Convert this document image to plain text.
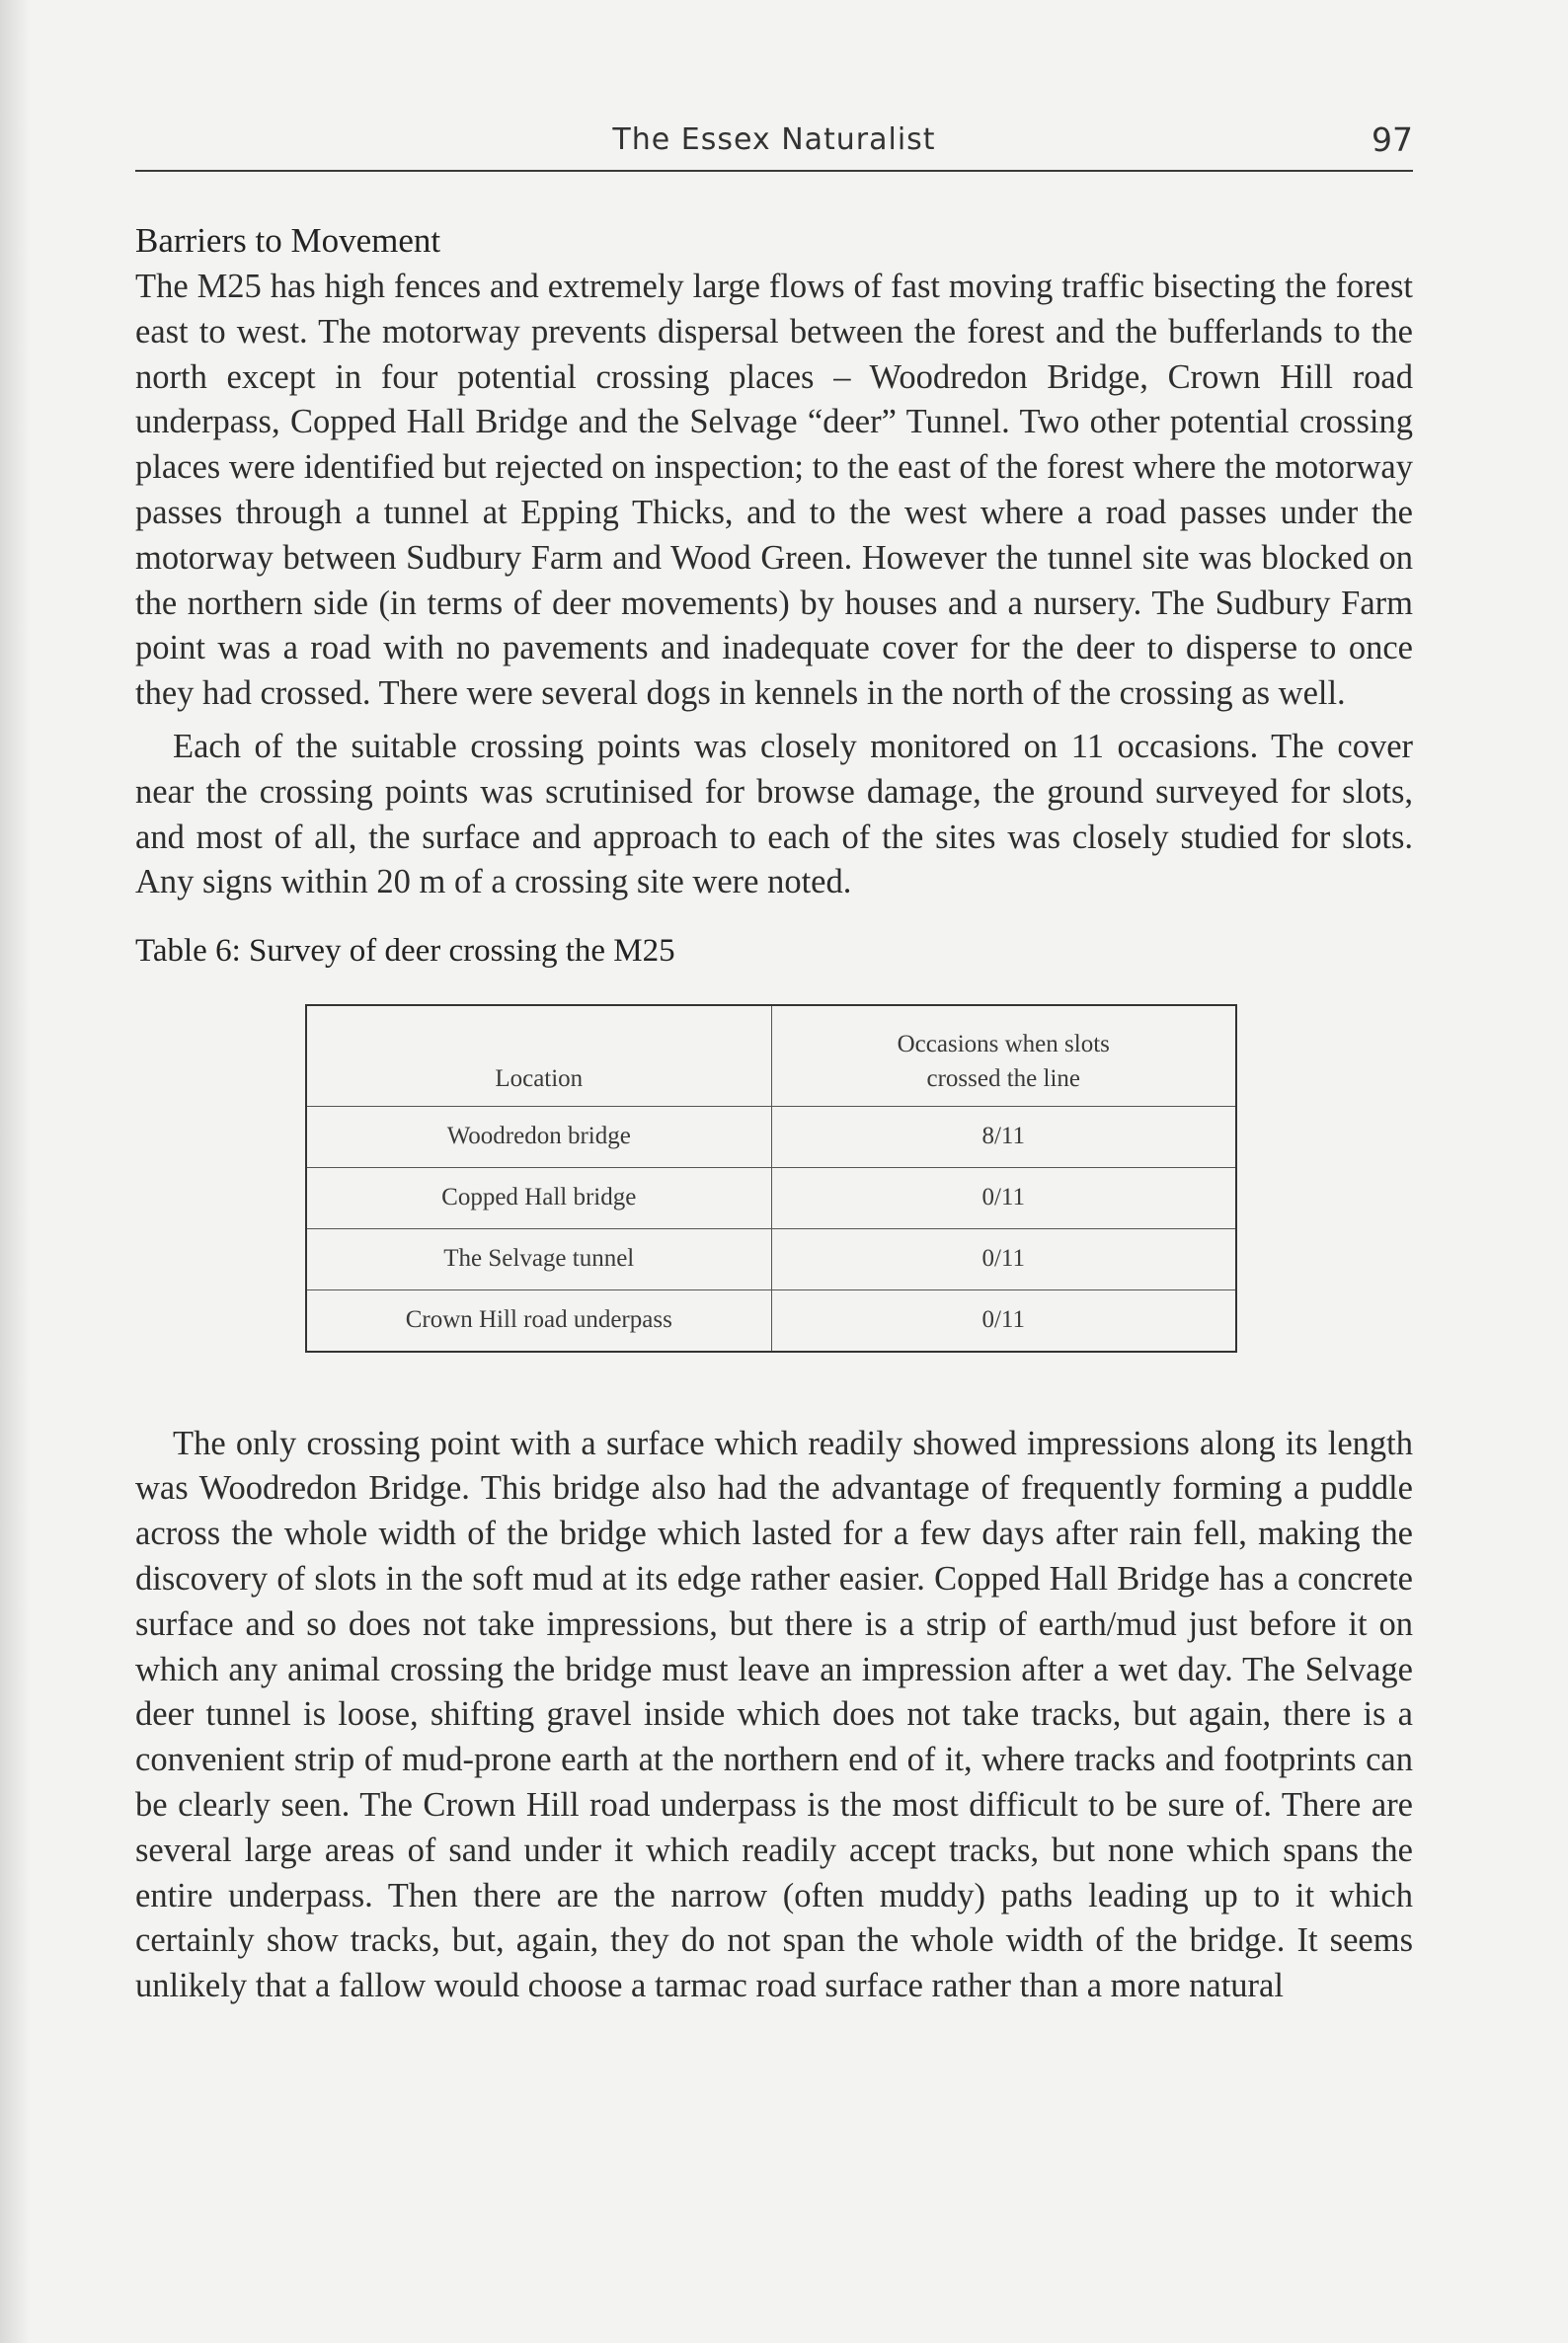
The Essex Naturalist	97
Barriers to Movement

The M25 has high fences and extremely large flows of fast moving traffic bisecting the forest east to west. The motorway prevents dispersal between the forest and the bufferlands to the north except in four potential crossing places – Woodredon Bridge, Crown Hill road underpass, Copped Hall Bridge and the Selvage “deer” Tunnel. Two other potential crossing places were identified but rejected on inspection; to the east of the forest where the motorway passes through a tunnel at Epping Thicks, and to the west where a road passes under the motorway between Sudbury Farm and Wood Green. However the tunnel site was blocked on the northern side (in terms of deer movements) by houses and a nursery. The Sudbury Farm point was a road with no pavements and inadequate cover for the deer to disperse to once they had crossed. There were several dogs in kennels in the north of the crossing as well.

Each of the suitable crossing points was closely monitored on 11 occasions. The cover near the crossing points was scrutinised for browse damage, the ground surveyed for slots, and most of all, the surface and approach to each of the sites was closely studied for slots. Any signs within 20 m of a crossing site were noted.

Table 6: Survey of deer crossing the M25
Location	Occasions when slots
crossed the line
Woodredon bridge	8/11
Copped Hall bridge	0/11
The Selvage tunnel	0/11
Crown Hill road underpass	0/11

The only crossing point with a surface which readily showed impressions along its length was Woodredon Bridge. This bridge also had the advantage of frequently forming a puddle across the whole width of the bridge which lasted for a few days after rain fell, making the discovery of slots in the soft mud at its edge rather easier. Copped Hall Bridge has a concrete surface and so does not take impressions, but there is a strip of earth/mud just before it on which any animal crossing the bridge must leave an impression after a wet day. The Selvage deer tunnel is loose, shifting gravel inside which does not take tracks, but again, there is a convenient strip of mud-prone earth at the northern end of it, where tracks and footprints can be clearly seen. The Crown Hill road underpass is the most difficult to be sure of. There are several large areas of sand under it which readily accept tracks, but none which spans the entire underpass. Then there are the narrow (often muddy) paths leading up to it which certainly show tracks, but, again, they do not span the whole width of the bridge. It seems unlikely that a fallow would choose a tarmac road surface rather than a more natural
